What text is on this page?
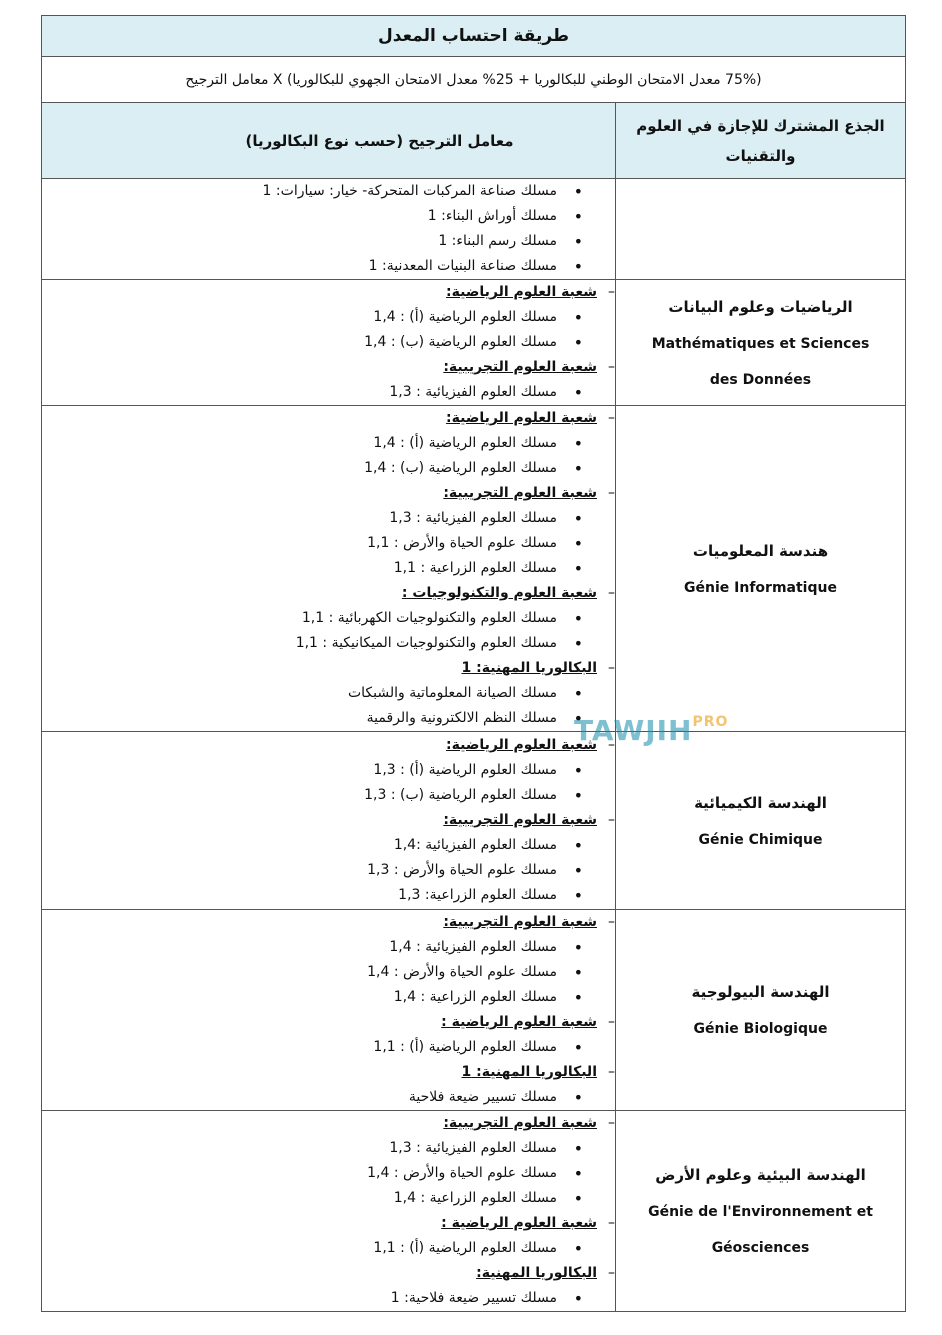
طريقة احتساب المعدل
(75% معدل الامتحان الوطني للبكالوريا + 25% معدل الامتحان الجهوي للبكالوريا) X معامل الترجيح
الجذع المشترك للإجازة في العلوم والتقنيات
معامل الترجيح (حسب نوع البكالوريا)
• مسلك صناعة المركبات المتحركة- خيار: سيارات: 1
• مسلك أوراش البناء: 1
• مسلك رسم البناء: 1
• مسلك صناعة البنيات المعدنية: 1
الرياضيات وعلوم البيانات
Mathématiques et Sciences
des Données
– شعبة العلوم الرياضية:
• مسلك العلوم الرياضية (أ) : 1,4
• مسلك العلوم الرياضية (ب) : 1,4
– شعبة العلوم التجريبية:
• مسلك العلوم الفيزيائية : 1,3
هندسة المعلوميات
Génie Informatique
– شعبة العلوم الرياضية:
• مسلك العلوم الرياضية (أ) : 1,4
• مسلك العلوم الرياضية (ب) : 1,4
– شعبة العلوم التجريبية:
• مسلك العلوم الفيزيائية : 1,3
• مسلك علوم الحياة والأرض : 1,1
• مسلك العلوم الزراعية : 1,1
– شعبة العلوم والتكنولوجيات :
• مسلك العلوم والتكنولوجيات الكهربائية : 1,1
• مسلك العلوم والتكنولوجيات الميكانيكية : 1,1
– البكالوريا المهنية: 1
• مسلك الصيانة المعلوماتية والشبكات
• مسلك النظم الالكترونية والرقمية
الهندسة الكيميائية
Génie Chimique
– شعبة العلوم الرياضية:
• مسلك العلوم الرياضية (أ) : 1,3
• مسلك العلوم الرياضية (ب) : 1,3
– شعبة العلوم التجريبية:
• مسلك العلوم الفيزيائية :1,4
• مسلك علوم الحياة والأرض : 1,3
• مسلك العلوم الزراعية: 1,3
الهندسة البيولوجية
Génie Biologique
– شعبة العلوم التجريبية:
• مسلك العلوم الفيزيائية : 1,4
• مسلك علوم الحياة والأرض : 1,4
• مسلك العلوم الزراعية : 1,4
– شعبة العلوم الرياضية :
• مسلك العلوم الرياضية (أ) : 1,1
– البكالوريا المهنية: 1
• مسلك تسيير ضيعة فلاحية
الهندسة البيئية وعلوم الأرض
Génie de l'Environnement et
Géosciences
– شعبة العلوم التجريبية:
• مسلك العلوم الفيزيائية : 1,3
• مسلك علوم الحياة والأرض : 1,4
• مسلك العلوم الزراعية : 1,4
– شعبة العلوم الرياضية :
• مسلك العلوم الرياضية (أ) : 1,1
– البكالوريا المهنية:
• مسلك تسيير ضيعة فلاحية: 1
$TAWJIH^{PRO}$
